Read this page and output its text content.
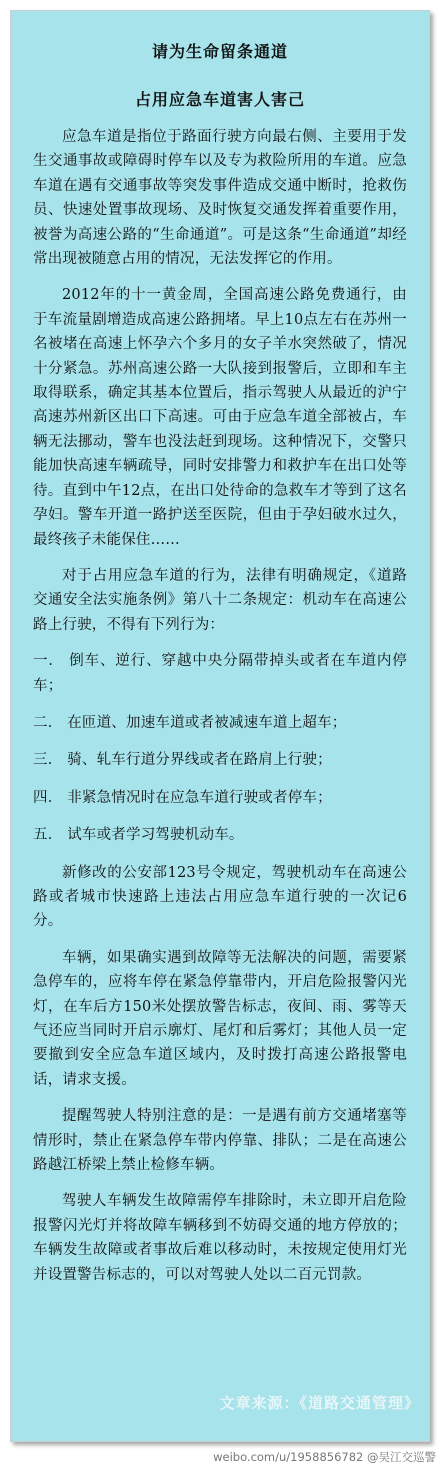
请为生命留条通道
占用应急车道害人害己

应急车道是指位于路面行驶方向最右侧、主要用于发生交通事故或障碍时停车以及专为救险所用的车道。应急车道在遇有交通事故等突发事件造成交通中断时，抢救伤员、快速处置事故现场、及时恢复交通发挥着重要作用，被誉为高速公路的“生命通道”。可是这条“生命通道”却经常出现被随意占用的情况，无法发挥它的作用。

2012年的十一黄金周，全国高速公路免费通行，由于车流量剧增造成高速公路拥堵。早上10点左右在苏州一名被堵在高速上怀孕六个多月的女子羊水突然破了，情况十分紧急。苏州高速公路一大队接到报警后，立即和车主取得联系，确定其基本位置后，指示驾驶人从最近的沪宁高速苏州新区出口下高速。可由于应急车道全部被占，车辆无法挪动，警车也没法赶到现场。这种情况下，交警只能加快高速车辆疏导，同时安排警力和救护车在出口处等待。直到中午12点，在出口处待命的急救车才等到了这名孕妇。警车开道一路护送至医院，但由于孕妇破水过久，最终孩子未能保住……

对于占用应急车道的行为，法律有明确规定，《道路交通安全法实施条例》第八十二条规定：机动车在高速公路上行驶，不得有下列行为：

一． 倒车、逆行、穿越中央分隔带掉头或者在车道内停车；

二． 在匝道、加速车道或者被减速车道上超车；

三． 骑、轧车行道分界线或者在路肩上行驶；

四． 非紧急情况时在应急车道行驶或者停车；

五． 试车或者学习驾驶机动车。

新修改的公安部123号令规定，驾驶机动车在高速公路或者城市快速路上违法占用应急车道行驶的一次记6分。

车辆，如果确实遇到故障等无法解决的问题，需要紧急停车的，应将车停在紧急停靠带内，开启危险报警闪光灯，在车后方150米处摆放警告标志，夜间、雨、雾等天气还应当同时开启示廓灯、尾灯和后雾灯；其他人员一定要撤到安全应急车道区域内，及时拨打高速公路报警电话，请求支援。

提醒驾驶人特别注意的是：一是遇有前方交通堵塞等情形时，禁止在紧急停车带内停靠、排队；二是在高速公路越江桥梁上禁止检修车辆。

驾驶人车辆发生故障需停车排除时，未立即开启危险报警闪光灯并将故障车辆移到不妨碍交通的地方停放的；车辆发生故障或者事故后难以移动时，未按规定使用灯光并设置警告标志的，可以对驾驶人处以二百元罚款。

文章来源：《道路交通管理》
weibo.com/u/1958856782 @吴江交巡警
